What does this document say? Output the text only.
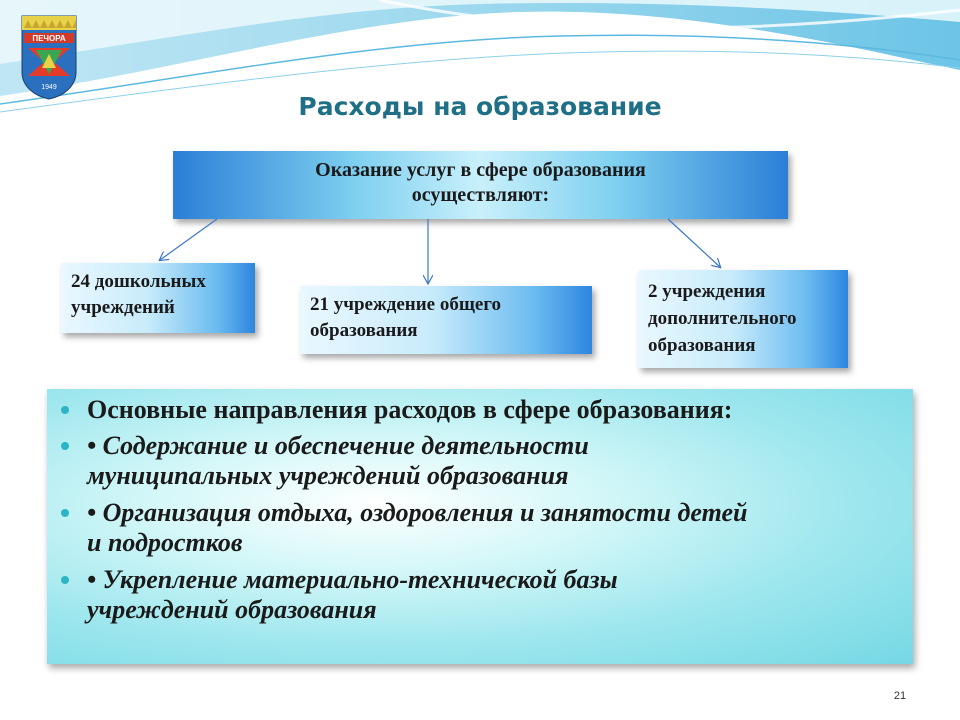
ПЕЧОРА
1949
Расходы на образование
Оказание услуг в сфере образования
осуществляют:
24 дошкольных
учреждений	21 учреждение общего
образования
2 учреждения
дополнительного
образования
Основные направления расходов в сфере образования:
• Содержание и обеспечение деятельности
муниципальных учреждений образования
• Организация отдыха, оздоровления и занятости детей
и подростков
• Укрепление материально-технической базы
учреждений образования
21
